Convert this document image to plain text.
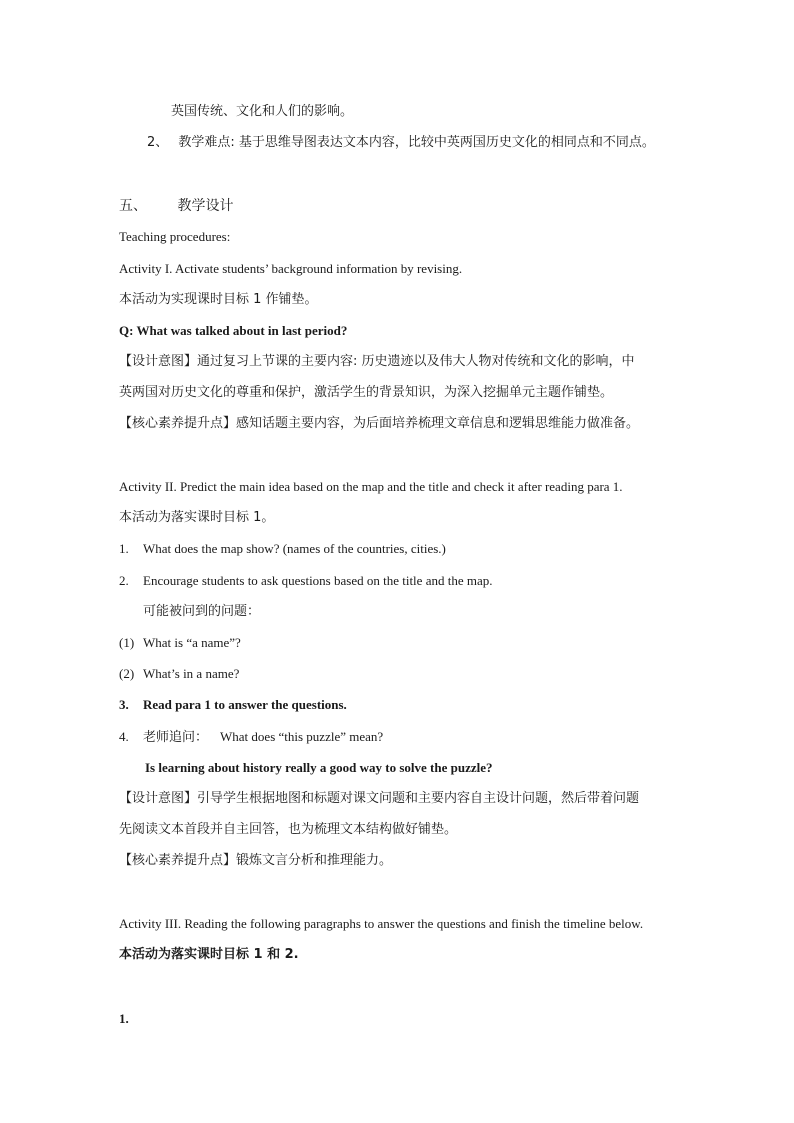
英国传统、文化和人们的影响。
2、 教学难点: 基于思维导图表达文本内容，比较中英两国历史文化的相同点和不同点。
五、 教学设计
Teaching procedures:
Activity I. Activate students’ background information by revising.
本活动为实现课时目标 1 作铺垫。
Q: What was talked about in last period?
【设计意图】通过复习上节课的主要内容: 历史遗迹以及伟大人物对传统和文化的影响，中
英两国对历史文化的尊重和保护，激活学生的背景知识，为深入挖掘单元主题作铺垫。
【核心素养提升点】感知话题主要内容，为后面培养梳理文章信息和逻辑思维能力做准备。
Activity II. Predict the main idea based on the map and the title and check it after reading para 1.
本活动为落实课时目标 1。
1. What does the map show? (names of the countries, cities.)
2. Encourage students to ask questions based on the title and the map.
可能被问到的问题：
(1) What is “a name”?
(2) What’s in a name?
3. Read para 1 to answer the questions.
4. 老师追问： What does “this puzzle” mean?
Is learning about history really a good way to solve the puzzle?
【设计意图】引导学生根据地图和标题对课文问题和主要内容自主设计问题，然后带着问题
先阅读文本首段并自主回答，也为梳理文本结构做好铺垫。
【核心素养提升点】锻炼文言分析和推理能力。
Activity III. Reading the following paragraphs to answer the questions and finish the timeline below.
本活动为落实课时目标 1 和 2.
1.
